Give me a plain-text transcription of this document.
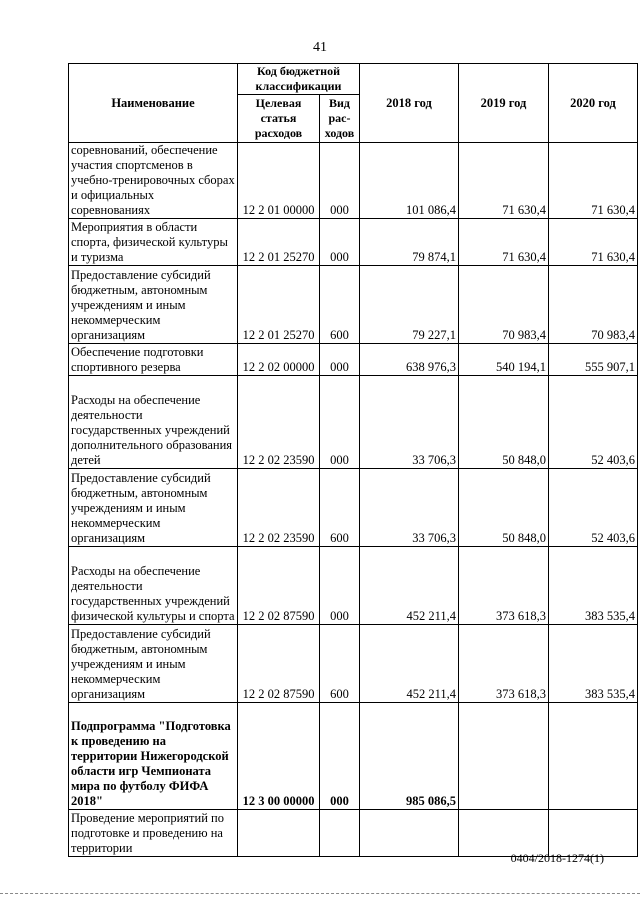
41
Наименование	Код бюджетной классификации		2018 год	2019 год	2020 год
	Целевая статья расходов	Вид рас-ходов			
соревнований, обеспечение участия спортсменов в учебно-тренировочных сборах и официальных соревнованиях	12 2 01 00000	000	101 086,4	71 630,4	71 630,4
Мероприятия в области спорта, физической культуры и туризма	12 2 01 25270	000	79 874,1	71 630,4	71 630,4
Предоставление субсидий бюджетным, автономным учреждениям и иным некоммерческим организациям	12 2 01 25270	600	79 227,1	70 983,4	70 983,4
Обеспечение подготовки спортивного резерва	12 2 02 00000	000	638 976,3	540 194,1	555 907,1
Расходы на обеспечение деятельности государственных учреждений дополнительного образования детей	12 2 02 23590	000	33 706,3	50 848,0	52 403,6
Предоставление субсидий бюджетным, автономным учреждениям и иным некоммерческим организациям	12 2 02 23590	600	33 706,3	50 848,0	52 403,6
Расходы на обеспечение деятельности государственных учреждений физической культуры и спорта	12 2 02 87590	000	452 211,4	373 618,3	383 535,4
Предоставление субсидий бюджетным, автономным учреждениям и иным некоммерческим организациям	12 2 02 87590	600	452 211,4	373 618,3	383 535,4
Подпрограмма "Подготовка к проведению на территории Нижегородской области игр Чемпионата мира по футболу ФИФА 2018"	12 3 00 00000	000	985 086,5		
Проведение мероприятий по подготовке и проведению на территории					
0404/2018-1274(1)
